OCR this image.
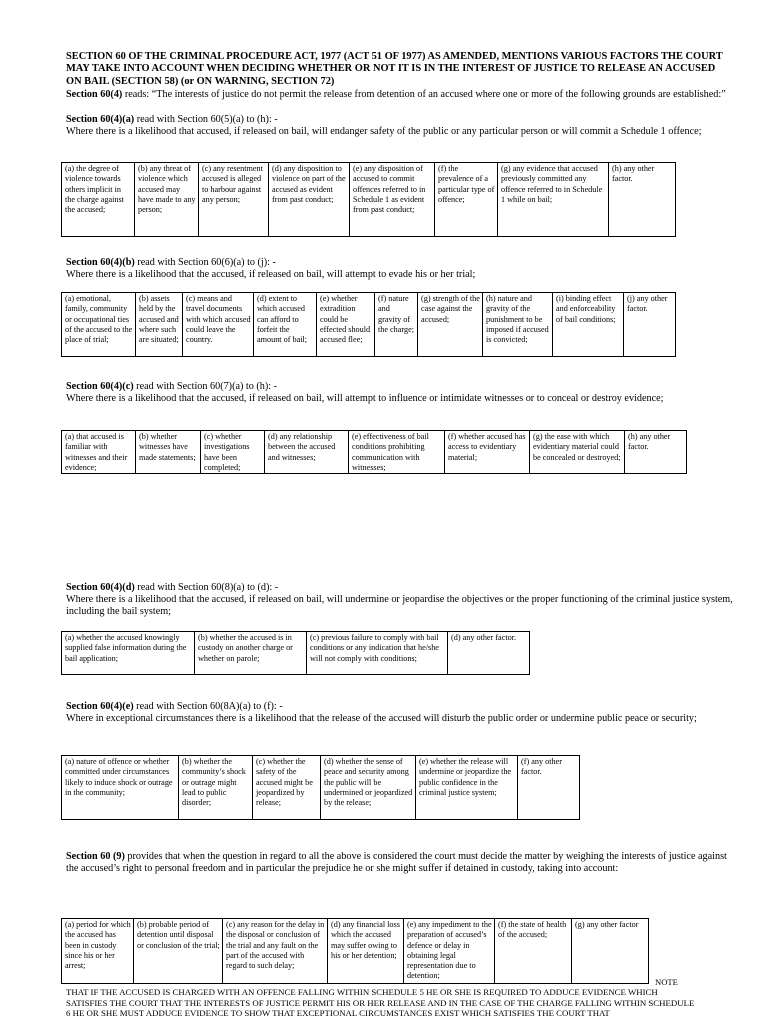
SECTION 60 OF THE CRIMINAL PROCEDURE ACT, 1977 (ACT 51 OF 1977) AS AMENDED, MENTIONS VARIOUS FACTORS THE COURT MAY TAKE INTO ACCOUNT WHEN DECIDING WHETHER OR NOT IT IS IN THE INTEREST OF JUSTICE TO RELEASE AN ACCUSED ON BAIL (SECTION 58) (or ON WARNING, SECTION 72)

Section 60(4) reads: “The interests of justice do not permit the release from detention of an accused where one or more of the following grounds are established:”

Section 60(4)(a) read with Section 60(5)(a) to (h): -

Where there is a likelihood that accused, if released on bail, will endanger safety of the public or any particular person or will commit a Schedule 1 offence;

(a) the degree of violence towards others implicit in the charge against the accused;	(b) any threat of violence which accused may have made to any person;	(c) any resentment accused is alleged to harbour against any person;	(d) any disposition to violence on part of the accused as evident from past conduct;	(e) any disposition of accused to commit offences referred to in Schedule 1 as evident from past conduct;	(f) the prevalence of a particular type of offence;	(g) any evidence that accused previously committed any offence referred to in Schedule 1 while on bail;	(h) any other factor.

Section 60(4)(b) read with Section 60(6)(a) to (j): -

Where there is a likelihood that the accused, if released on bail, will attempt to evade his or her trial;

(a) emotional, family, community or occupational ties of the accused to the place of trial;	(b) assets held by the accused and where such are situated;	(c) means and travel documents with which accused could leave the country.	(d) extent to which accused can afford to forfeit the amount of bail;	(e) whether extradition could be effected should accused flee;	(f) nature and gravity of the charge;	(g) strength of the case against the accused;	(h) nature and gravity of the punishment to be imposed if accused is convicted;	(i) binding effect and enforceability of bail conditions;	(j) any other factor.

Section 60(4)(c) read with Section 60(7)(a) to (h): -

Where there is a likelihood that the accused, if released on bail, will attempt to influence or intimidate witnesses or to conceal or destroy evidence;

(a) that accused is familiar with witnesses and their evidence;	(b) whether witnesses have made statements;	(c) whether investigations have been completed;	(d) any relationship between the accused and witnesses;	(e) effectiveness of bail conditions prohibiting communication with witnesses;	(f) whether accused has access to evidentiary material;	(g) the ease with which evidentiary material could be concealed or destroyed;	(h) any other factor.

Section 60(4)(d) read with Section 60(8)(a) to (d): -

Where there is a likelihood that the accused, if released on bail, will undermine or jeopardise the objectives or the proper functioning of the criminal justice system, including the bail system;

(a) whether the accused knowingly supplied false information during the bail application;	(b) whether the accused is in custody on another charge or whether on parole;	(c) previous failure to comply with bail conditions or any indication that he/she will not comply with conditions;	(d) any other factor.

Section 60(4)(e) read with Section 60(8A)(a) to (f): -

Where in exceptional circumstances there is a likelihood that the release of the accused will disturb the public order or undermine public peace or security;

(a) nature of offence or whether committed under circumstances likely to induce shock or outrage in the community;	(b) whether the community’s shock or outrage might lead to public disorder;	(c) whether the safety of the accused might be jeopardized by release;	(d) whether the sense of peace and security among the public will be undermined or jeopardized by the release;	(e) whether the release will undermine or jeopardize the public confidence in the criminal justice system;	(f) any other factor.

Section 60 (9) provides that when the question in regard to all the above is considered the court must decide the matter by weighing the interests of justice against the accused’s right to personal freedom and in particular the prejudice he or she might suffer if detained in custody, taking into account:

(a) period for which the accused has been in custody since his or her arrest;	(b) probable period of detention until disposal or conclusion of the trial;	(c) any reason for the delay in the disposal or conclusion of the trial and any fault on the part of the accused with regard to such delay;	(d) any financial loss which the accused may suffer owing to his or her detention;	(e) any impediment to the preparation of accused’s defence or delay in obtaining legal representation due to detention;	(f) the state of health of the accused;	(g) any other factor
NOTE
THAT IF THE ACCUSED IS CHARGED WITH AN OFFENCE FALLING WITHIN SCHEDULE 5 HE OR SHE IS REQUIRED TO ADDUCE EVIDENCE WHICH SATISFIES THE COURT THAT THE INTERESTS OF JUSTICE PERMIT HIS OR HER RELEASE AND IN THE CASE OF THE CHARGE FALLING WITHIN SCHEDULE 6 HE OR SHE MUST ADDUCE EVIDENCE TO SHOW THAT EXCEPTIONAL CIRCUMSTANCES EXIST WHICH SATISFIES THE COURT THAT
